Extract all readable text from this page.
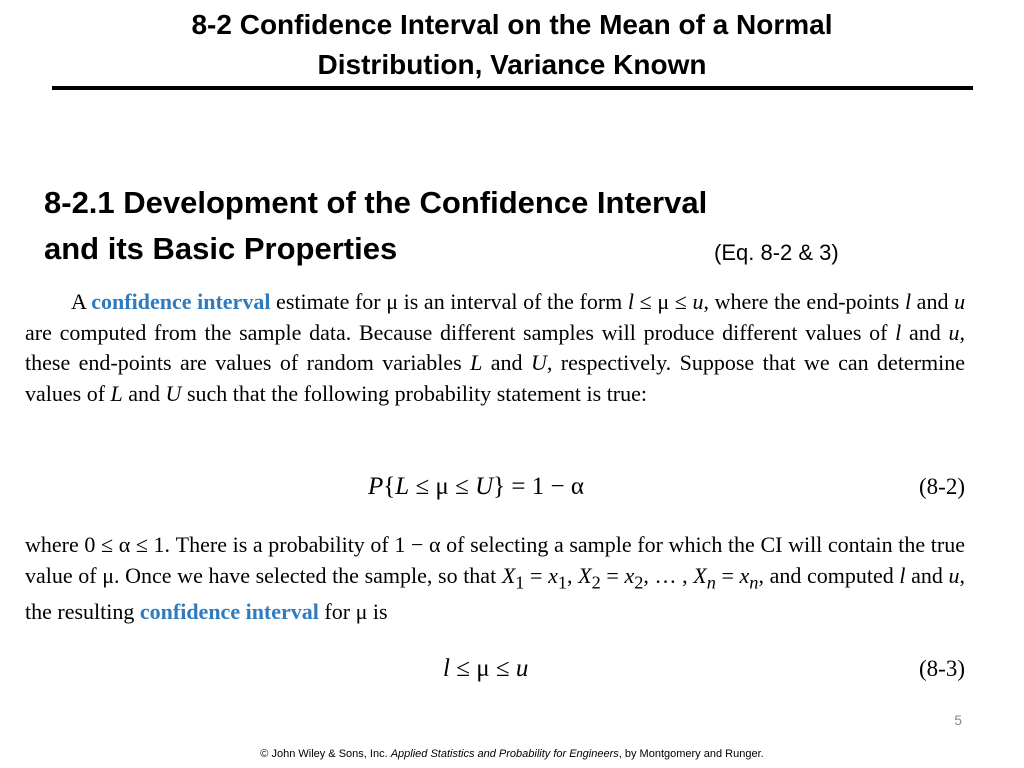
8-2 Confidence Interval on the Mean of a Normal
Distribution, Variance Known
8-2.1 Development of the Confidence Interval
and its Basic Properties	(Eq. 8-2 & 3)

A confidence interval estimate for μ is an interval of the form l ≤ μ ≤ u, where the end-points l and u are computed from the sample data. Because different samples will produce different values of l and u, these end-points are values of random variables L and U, respectively. Suppose that we can determine values of L and U such that the following probability statement is true:

P{L ≤ μ ≤ U} = 1 − α	(8-2)

where 0 ≤ α ≤ 1. There is a probability of 1 − α of selecting a sample for which the CI will contain the true value of μ. Once we have selected the sample, so that $X_1 = x_1$, $X_2 = x_2$, … , $X_n = x_n$, and computed l and u, the resulting confidence interval for μ is

l ≤ μ ≤ u	(8-3)
5
© John Wiley & Sons, Inc. Applied Statistics and Probability for Engineers, by Montgomery and Runger.
